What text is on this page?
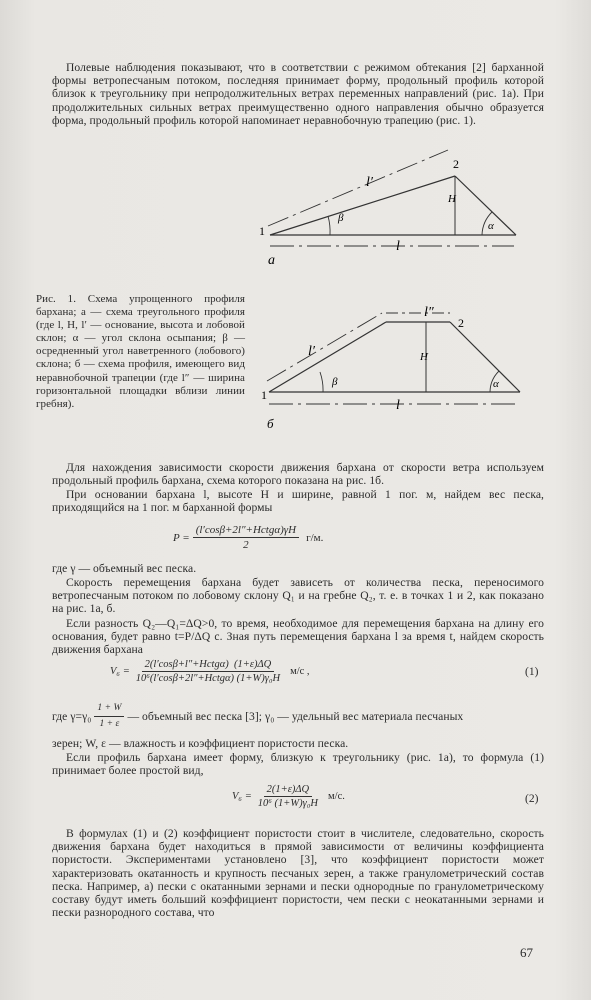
Полевые наблюдения показывают, что в соответствии с режимом обтекания [2] барханной формы ветропесчаным потоком, последняя принимает форму, продольный профиль которой близок к треугольнику при непродолжительных ветрах переменных направлений (рис. 1а). При продолжительных сильных ветрах преимущественно одного направления обычно образуется форма, продольный профиль которой напоминает неравнобочную трапецию (рис. 1).

l′
2
1
H
l
β
α
а

Рис. 1. Схема упрощенного профиля бархана; а — схема треугольного профиля (где l, H, l′ — основание, высота и лобовой склон; α — угол склона осыпания; β — осредненный угол наветренного (лобового) склона; б — схема профиля, имеющего вид неравнобочной трапеции (где l″ — ширина горизонтальной площадки вблизи линии гребня).

l″
2
l′
1
H
l
β	α
б

Для нахождения зависимости скорости движения бархана от скорости ветра используем продольный профиль бархана, схема которого показана на рис. 1б.

При основании бархана l, высоте H и ширине, равной 1 пог. м, найдем вес песка, приходящийся на 1 пог. м барханной формы

$P = \frac{\text{(l′cosβ+2l″+Hctgα)γH}}{2} г/м$.

где γ — объемный вес песка.

Скорость перемещения бархана будет зависеть от количества песка, переносимого ветропесчаным потоком по лобовому склону Q₁ и на гребне Q₂, т. е. в точках 1 и 2, как показано на рис. 1а, б.

Если разность Q₂—Q₁=ΔQ>0, то время, необходимое для перемещения бархана на длину его основания, будет равно t=P/ΔQ c. Зная путь перемещения бархана l за время t, найдем скорость движения бархана

$V_6 = \frac{\text{2(l′cosβ+l″+Hctgα) (1+ε)ΔQ}}{\text{10⁶(l′cosβ+2l″+Hctgα) (1+W)γ₀H}} м/с$ ,	(1)
где $\gamma=\gamma_0 \frac{1 + W}{1 + \varepsilon}$ — объемный вес песка [3]; γ₀ — удельный вес материала песчаных

зерен; W, ε — влажность и коэффициент пористости песка.

Если профиль бархана имеет форму, близкую к треугольнику (рис. 1а), то формула (1) принимает более простой вид,

$V_6 = \frac{2(1+\varepsilon)\Delta Q}{\text{10⁶ (1+W)γ₀H}} м/с$.	(2)

В формулах (1) и (2) коэффициент пористости стоит в числителе, следовательно, скорость движения бархана будет находиться в прямой зависимости от величины коэффициента пористости. Экспериментами установлено [3], что коэффициент пористости может характеризовать окатанность и крупность песчаных зерен, а также гранулометрический состав песка. Например, а) пески с окатанными зернами и пески однородные по гранулометрическому составу будут иметь больший коэффициент пористости, чем пески с неокатанными зернами и пески разнородного состава, что

67
